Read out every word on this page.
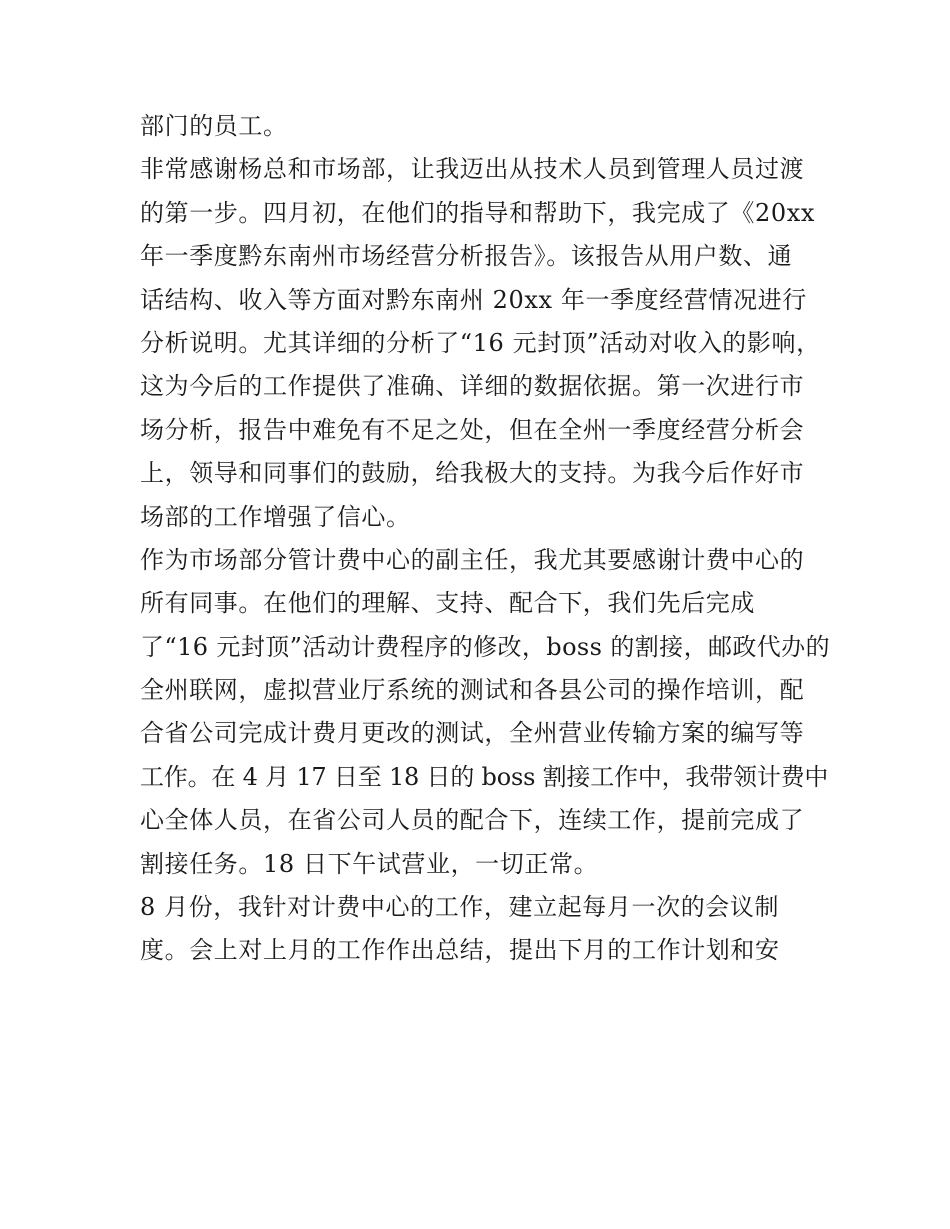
部门的员工。
非常感谢杨总和市场部，让我迈出从技术人员到管理人员过渡
的第一步。四月初，在他们的指导和帮助下，我完成了《20xx
年一季度黔东南州市场经营分析报告》。该报告从用户数、通
话结构、收入等方面对黔东南州 20xx 年一季度经营情况进行
分析说明。尤其详细的分析了“16 元封顶”活动对收入的影响，
这为今后的工作提供了准确、详细的数据依据。第一次进行市
场分析，报告中难免有不足之处，但在全州一季度经营分析会
上，领导和同事们的鼓励，给我极大的支持。为我今后作好市
场部的工作增强了信心。
作为市场部分管计费中心的副主任，我尤其要感谢计费中心的
所有同事。在他们的理解、支持、配合下，我们先后完成
了“16 元封顶”活动计费程序的修改，boss 的割接，邮政代办的
全州联网，虚拟营业厅系统的测试和各县公司的操作培训，配
合省公司完成计费月更改的测试，全州营业传输方案的编写等
工作。在 4 月 17 日至 18 日的 boss 割接工作中，我带领计费中
心全体人员，在省公司人员的配合下，连续工作，提前完成了
割接任务。18 日下午试营业，一切正常。
8 月份，我针对计费中心的工作，建立起每月一次的会议制
度。会上对上月的工作作出总结，提出下月的工作计划和安
